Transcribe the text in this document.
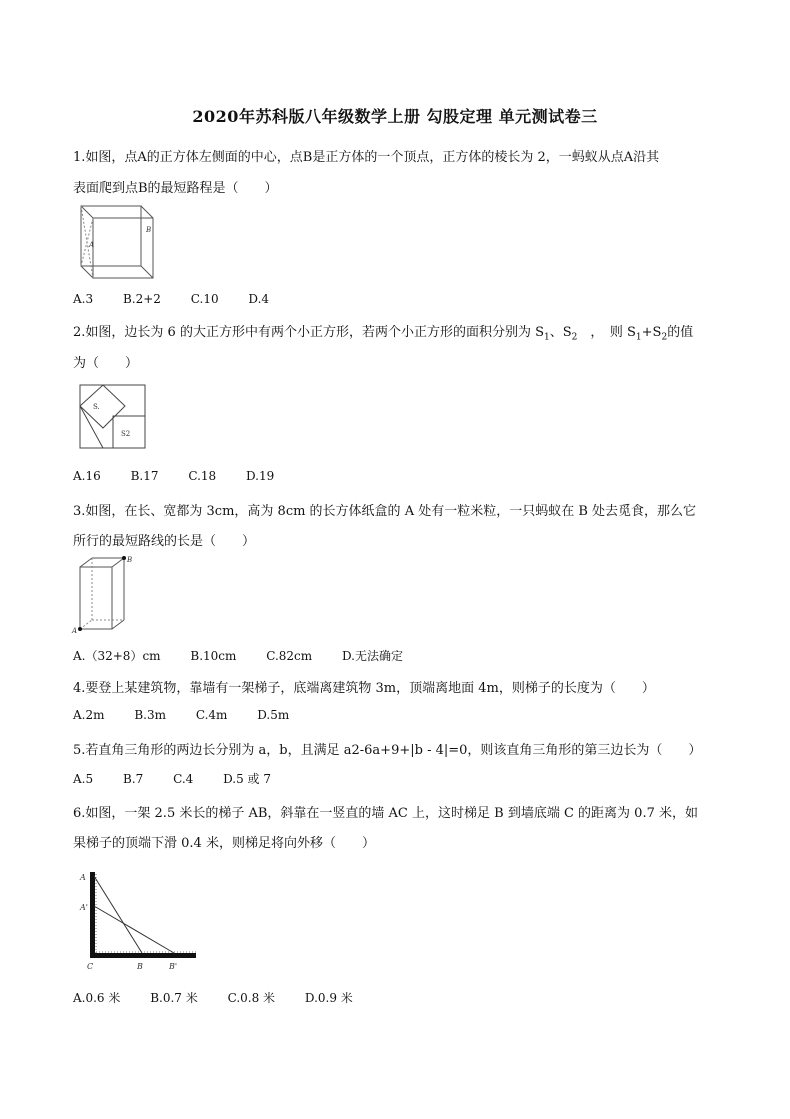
2020年苏科版八年级数学上册 勾股定理 单元测试卷三
1.如图，点A的正方体左侧面的中心，点B是正方体的一个顶点，正方体的棱长为 2，一蚂蚁从点A沿其
表面爬到点B的最短路程是（　　）
A
B
A.3 B.2+2 C.10 D.4
2.如图，边长为 6 的大正方形中有两个小正方形，若两个小正方形的面积分别为 $S_1$、$S_2$　，　则 $S_1+S_2$的值
为（　　）
S.
S2
A.16 B.17 C.18 D.19
3.如图，在长、宽都为 3cm，高为 8cm 的长方体纸盒的 A 处有一粒米粒，一只蚂蚁在 B 处去觅食，那么它
所行的最短路线的长是（　　）
B
A
A.（32+8）cm B.10cm C.82cm D.无法确定
4.要登上某建筑物，靠墙有一架梯子，底端离建筑物 3m，顶端离地面 4m，则梯子的长度为（　　）
A.2m B.3m C.4m D.5m
5.若直角三角形的两边长分别为 a，b，且满足 a2-6a+9+|b - 4|=0，则该直角三角形的第三边长为（　　）
A.5 B.7 C.4 D.5 或 7
6.如图，一架 2.5 米长的梯子 AB，斜靠在一竖直的墙 AC 上，这时梯足 B 到墙底端 C 的距离为 0.7 米，如
果梯子的顶端下滑 0.4 米，则梯足将向外移（　　）
A
A'
C	B	B'
A.0.6 米 B.0.7 米 C.0.8 米 D.0.9 米
